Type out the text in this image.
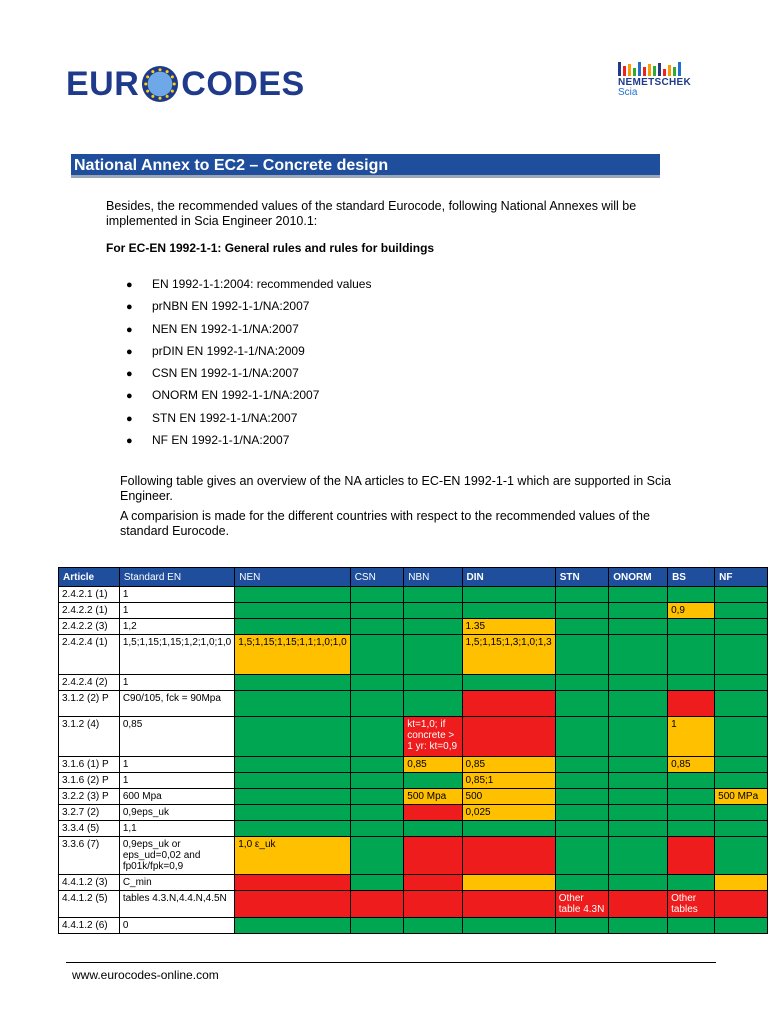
EUR CODES	NEMETSCHEK
Scia
National Annex to EC2 – Concrete design
Besides, the recommended values of the standard Eurocode, following National Annexes will be implemented in Scia Engineer 2010.1:
For EC-EN 1992-1-1: General rules and rules for buildings
● EN 1992-1-1:2004: recommended values
● prNBN EN 1992-1-1/NA:2007
● NEN EN 1992-1-1/NA:2007
● prDIN EN 1992-1-1/NA:2009
● CSN EN 1992-1-1/NA:2007
● ONORM EN 1992-1-1/NA:2007
● STN EN 1992-1-1/NA:2007
● NF EN 1992-1-1/NA:2007
Following table gives an overview of the NA articles to EC-EN 1992-1-1 which are supported in Scia Engineer.
A comparision is made for the different countries with respect to the recommended values of the standard Eurocode.
Article	Standard EN	NEN	CSN	NBN	DIN	STN	ONORM	BS	NF
2.4.2.1 (1)	1								
2.4.2.2 (1)	1							0,9	
2.4.2.2 (3)	1,2				1.35				
2.4.2.4 (1)	1,5;1,15;1,15;1,2;1,0;1,0	1,5;1,15;1,15;1,1;1,0;1,0			1,5;1,15;1,3;1,0;1,3				
2.4.2.4 (2)	1								
3.1.2 (2) P	C90/105, fck = 90Mpa								
3.1.2 (4)	0,85			kt=1,0; if concrete > 1 yr: kt=0,9				1	
3.1.6 (1) P	1			0,85	0,85			0,85	
3.1.6 (2) P	1				0,85;1				
3.2.2 (3) P	600 Mpa			500 Mpa	500				500 MPa
3.2.7 (2)	0,9eps_uk				0,025				
3.3.4 (5)	1,1								
3.3.6 (7)	0,9eps_uk or eps_ud=0,02 and fp01k/fpk=0,9	1,0 ε_uk							
4.4.1.2 (3)	C_min								
4.4.1.2 (5)	tables 4.3.N,4.4.N,4.5N					Other table 4.3N		Other tables	
4.4.1.2 (6)	0								
www.eurocodes-online.com
